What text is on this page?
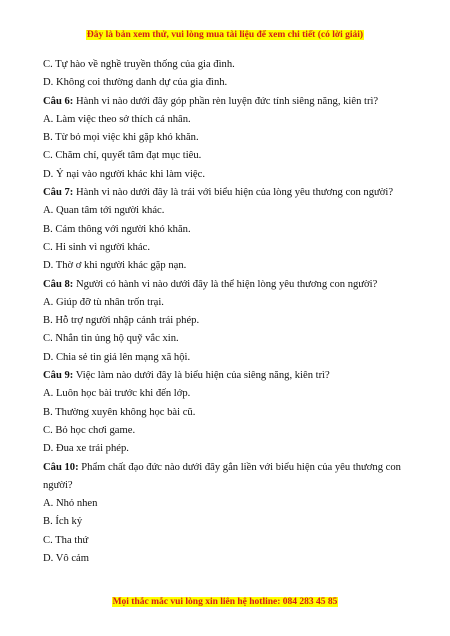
Đây là bản xem thử, vui lòng mua tài liệu để xem chi tiết (có lời giải)
C. Tự hào về nghề truyền thống của gia đình.
D. Không coi thường danh dự của gia đình.
Câu 6: Hành vi nào dưới đây góp phần rèn luyện đức tính siêng năng, kiên trì?
A. Làm việc theo sở thích cá nhân.
B. Từ bỏ mọi việc khi gặp khó khăn.
C. Chăm chỉ, quyết tâm đạt mục tiêu.
D. Ỷ nại vào người khác khi làm việc.
Câu 7: Hành vi nào dưới đây là trái với biểu hiện của lòng yêu thương con người?
A. Quan tâm tới người khác.
B. Cảm thông với người khó khăn.
C. Hi sinh vì người khác.
D. Thờ ơ khi người khác gặp nạn.
Câu 8: Người có hành vi nào dưới đây là thể hiện lòng yêu thương con người?
A. Giúp đỡ tù nhân trốn trại.
B. Hỗ trợ người nhập cảnh trái phép.
C. Nhắn tin ủng hộ quỹ vắc xin.
D. Chia sẻ tin giả lên mạng xã hội.
Câu 9: Việc làm nào dưới đây là biểu hiện của siêng năng, kiên trì?
A. Luôn học bài trước khi đến lớp.
B. Thường xuyên không học bài cũ.
C. Bỏ học chơi game.
D. Đua xe trái phép.
Câu 10: Phẩm chất đạo đức nào dưới đây gắn liền với biểu hiện của yêu thương con người?
A. Nhỏ nhen
B. Ích kỷ
C. Tha thứ
D. Vô cảm
Mọi thắc mắc vui lòng xin liên hệ hotline: 084 283 45 85
